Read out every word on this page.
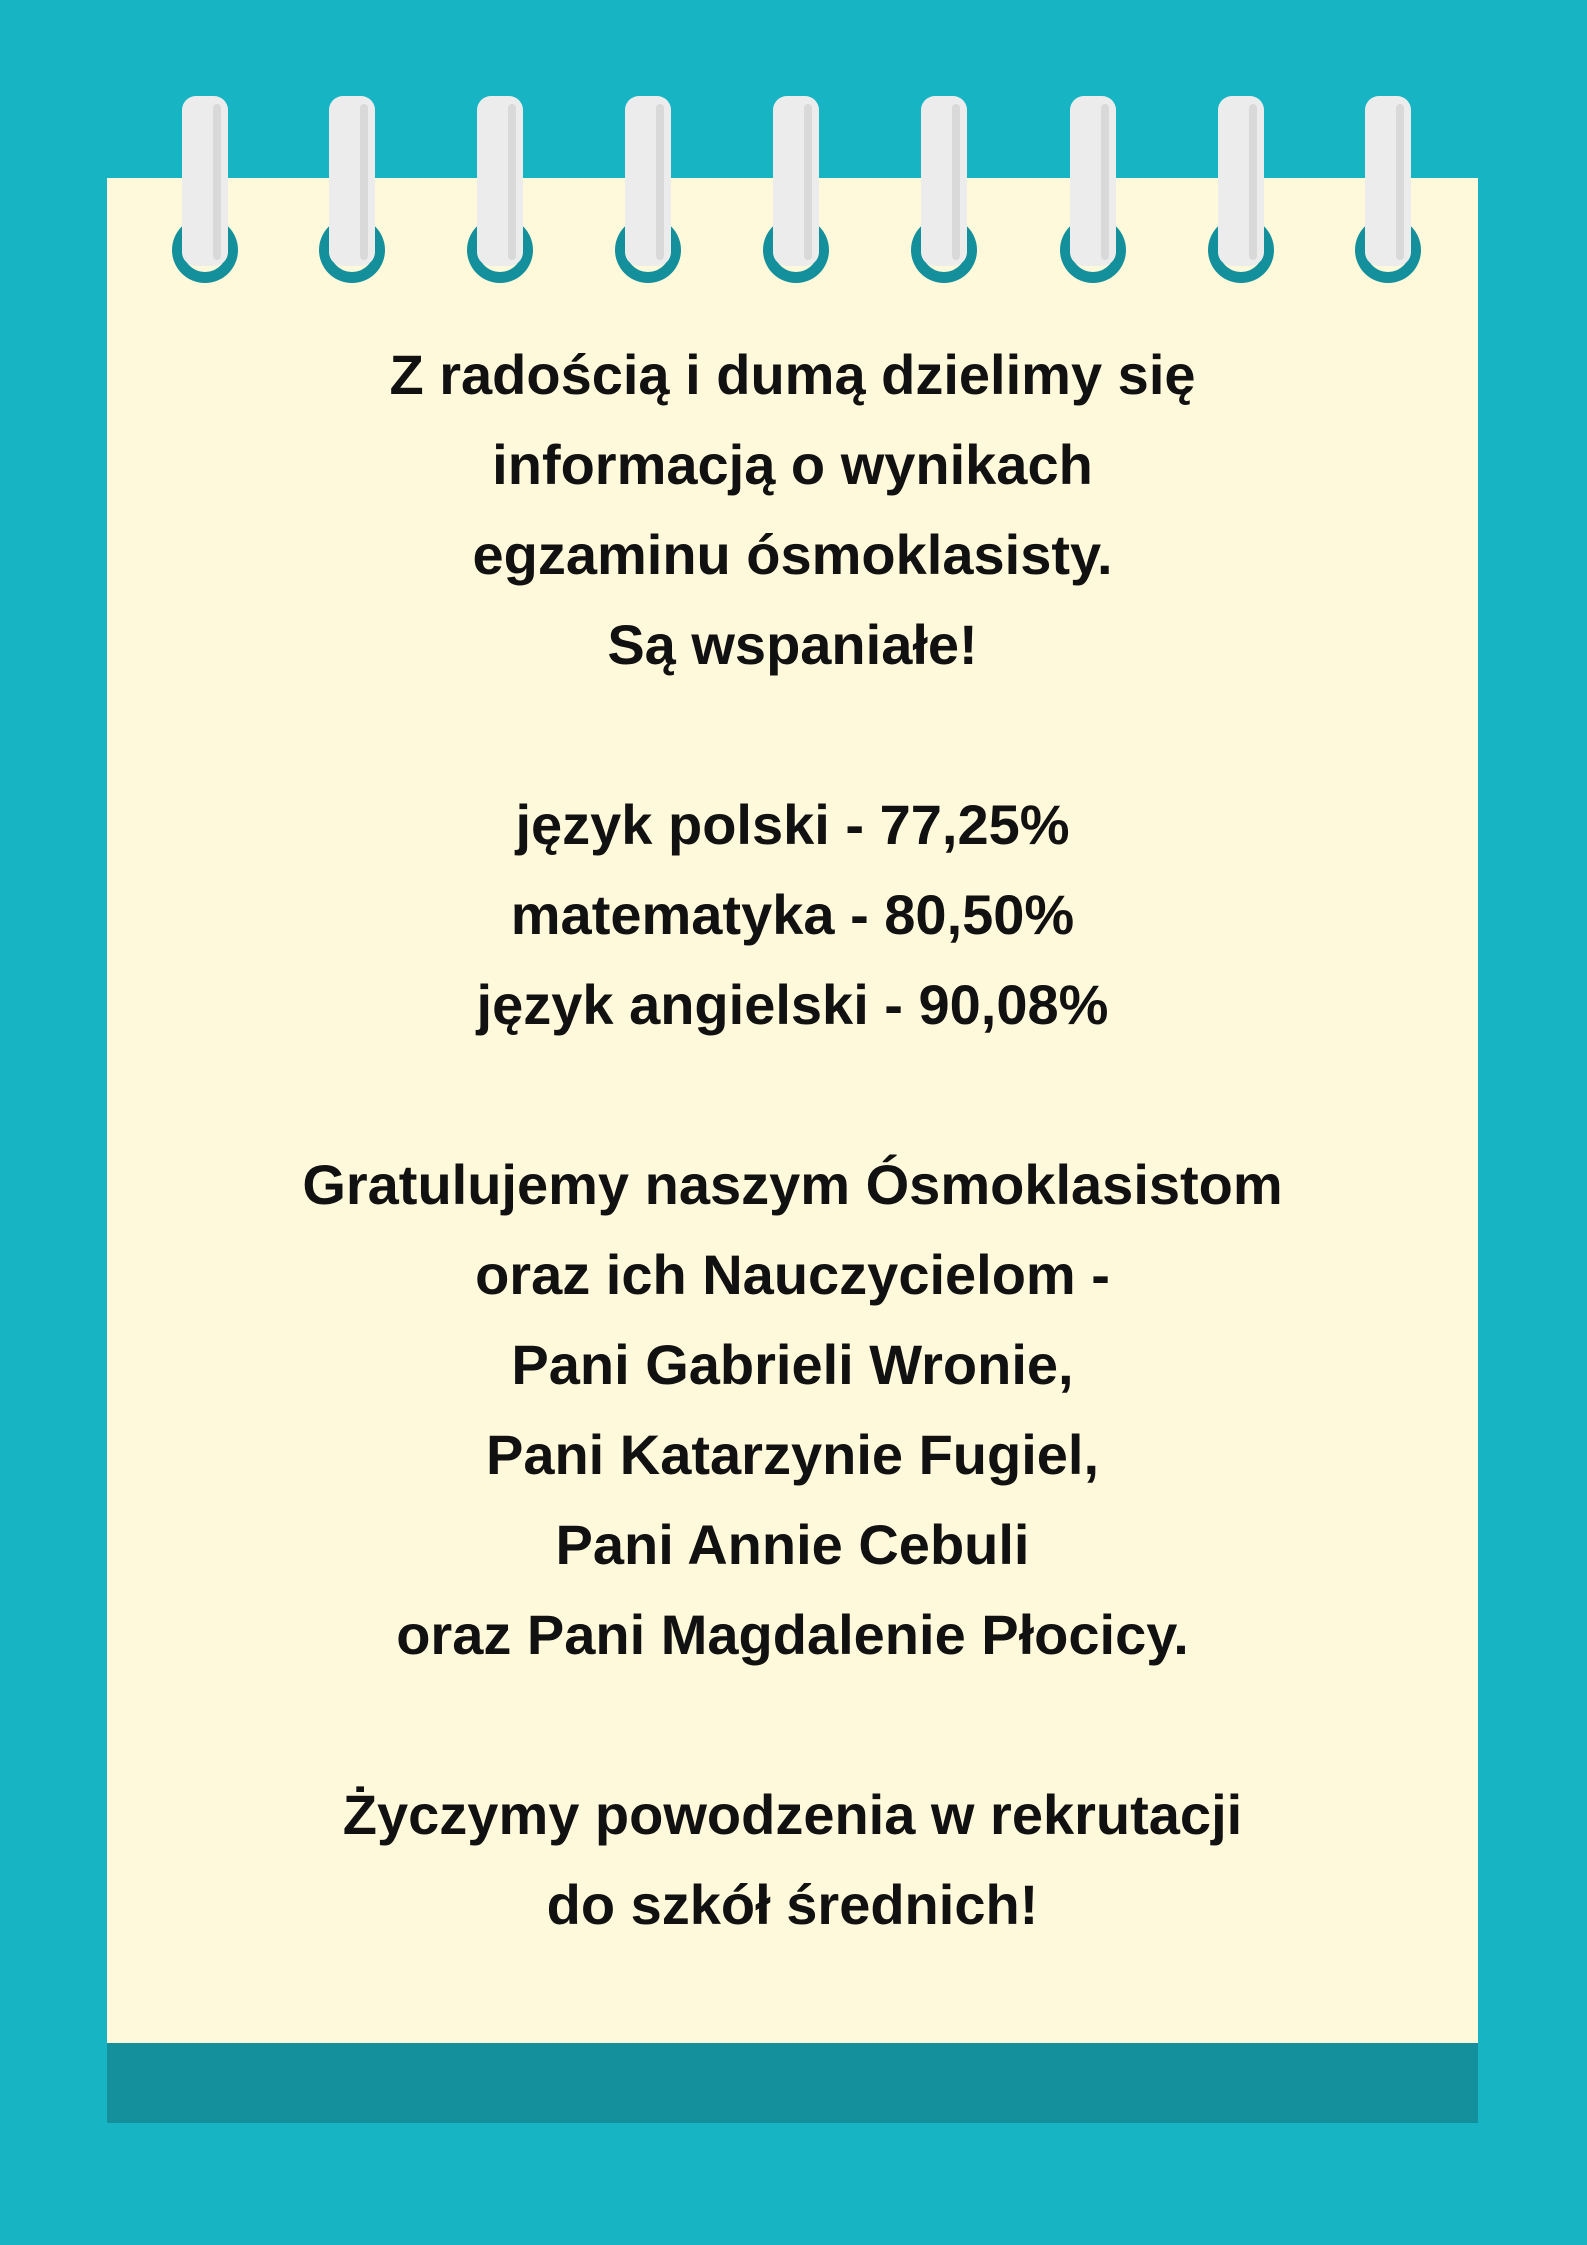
Z radością i dumą dzielimy się
informacją o wynikach
egzaminu ósmoklasisty.
Są wspaniałe!
język polski - 77,25%
matematyka - 80,50%
język angielski - 90,08%
Gratulujemy naszym Ósmoklasistom
oraz ich Nauczycielom -
Pani Gabrieli Wronie,
Pani Katarzynie Fugiel,
Pani Annie Cebuli
oraz Pani Magdalenie Płocicy.
Życzymy powodzenia w rekrutacji
do szkół średnich!
